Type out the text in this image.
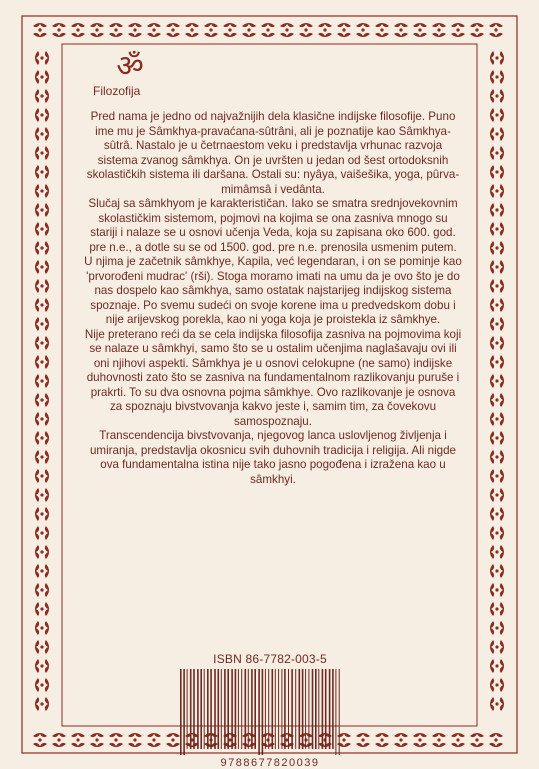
ॐ
Filozofija

Pred nama je jedno od najvažnijih dela klasične indijske filosofije. Puno ime mu je Sâmkhya-pravaćana-sûtrâni, ali je poznatije kao Sâmkhya-sûtrâ. Nastalo je u četrnaestom veku i predstavlja vrhunac razvoja sistema zvanog sâmkhya. On je uvršten u jedan od šest ortodoksnih skolastičkih sistema ili daršana. Ostali su: nyâya, vaišešika, yoga, pûrva-mimâmsâ i vedânta.

Slučaj sa sâmkhyom je karakterističan. Iako se smatra srednjovekovnim skolastičkim sistemom, pojmovi na kojima se ona zasniva mnogo su stariji i nalaze se u osnovi učenja Veda, koja su zapisana oko 600. god. pre n.e., a dotle su se od 1500. god. pre n.e. prenosila usmenim putem. U njima je začetnik sâmkhye, Kapila, već legendaran, i on se pominje kao 'prvorođeni mudrac' (rši). Stoga moramo imati na umu da je ovo što je do nas dospelo kao sâmkhya, samo ostatak najstarijeg indijskog sistema spoznaje. Po svemu sudeći on svoje korene ima u predvedskom dobu i nije arijevskog porekla, kao ni yoga koja je proistekla iz sâmkhye.

Nije preterano reći da se cela indijska filosofija zasniva na pojmovima koji se nalaze u sâmkhyi, samo što se u ostalim učenjima naglašavaju ovi ili oni njihovi aspekti. Sâmkhya je u osnovi celokupne (ne samo) indijske duhovnosti zato što se zasniva na fundamentalnom razlikovanju puruše i prakrti. To su dva osnovna pojma sâmkhye. Ovo razlikovanje je osnova za spoznaju bivstvovanja kakvo jeste i, samim tim, za čovekovu samospoznaju.

Transcendencija bivstvovanja, njegovog lanca uslovljenog življenja i umiranja, predstavlja okosnicu svih duhovnih tradicija i religija. Ali nigde ova fundamentalna istina nije tako jasno pogođena i izražena kao u sâmkhyi.

ISBN 86-7782-003-5
9788677820039
